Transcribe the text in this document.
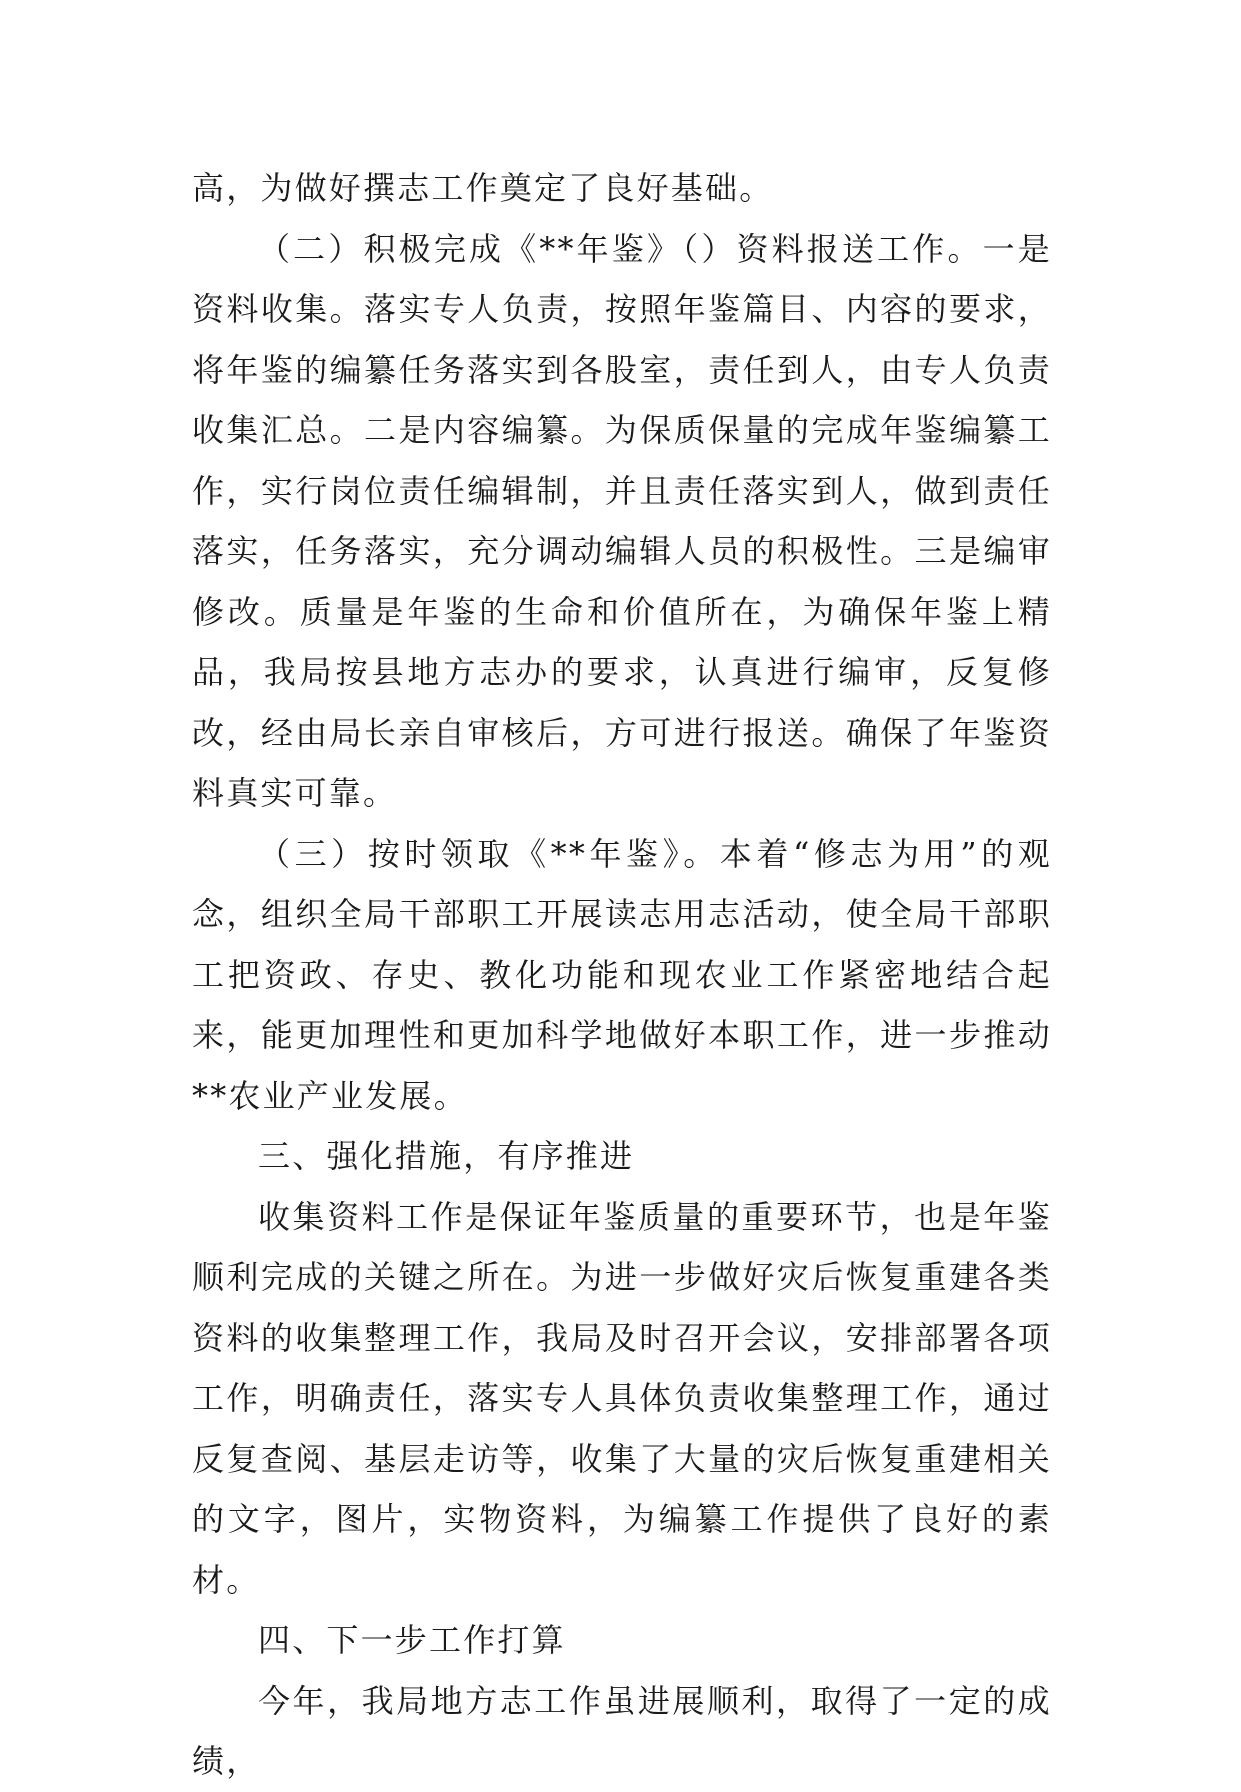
高，为做好撰志工作奠定了良好基础。

（二）积极完成《**年鉴》（）资料报送工作。一是资料收集。落实专人负责，按照年鉴篇目、内容的要求，将年鉴的编纂任务落实到各股室，责任到人，由专人负责收集汇总。二是内容编纂。为保质保量的完成年鉴编纂工作，实行岗位责任编辑制，并且责任落实到人，做到责任落实，任务落实，充分调动编辑人员的积极性。三是编审修改。质量是年鉴的生命和价值所在，为确保年鉴上精品，我局按县地方志办的要求，认真进行编审，反复修改，经由局长亲自审核后，方可进行报送。确保了年鉴资料真实可靠。

（三）按时领取《**年鉴》。本着“修志为用”的观念，组织全局干部职工开展读志用志活动，使全局干部职工把资政、存史、教化功能和现农业工作紧密地结合起来，能更加理性和更加科学地做好本职工作，进一步推动**农业产业发展。

三、强化措施，有序推进

收集资料工作是保证年鉴质量的重要环节，也是年鉴顺利完成的关键之所在。为进一步做好灾后恢复重建各类资料的收集整理工作，我局及时召开会议，安排部署各项工作，明确责任，落实专人具体负责收集整理工作，通过反复查阅、基层走访等，收集了大量的灾后恢复重建相关的文字，图片，实物资料，为编纂工作提供了良好的素材。

四、下一步工作打算

今年，我局地方志工作虽进展顺利，取得了一定的成绩，
